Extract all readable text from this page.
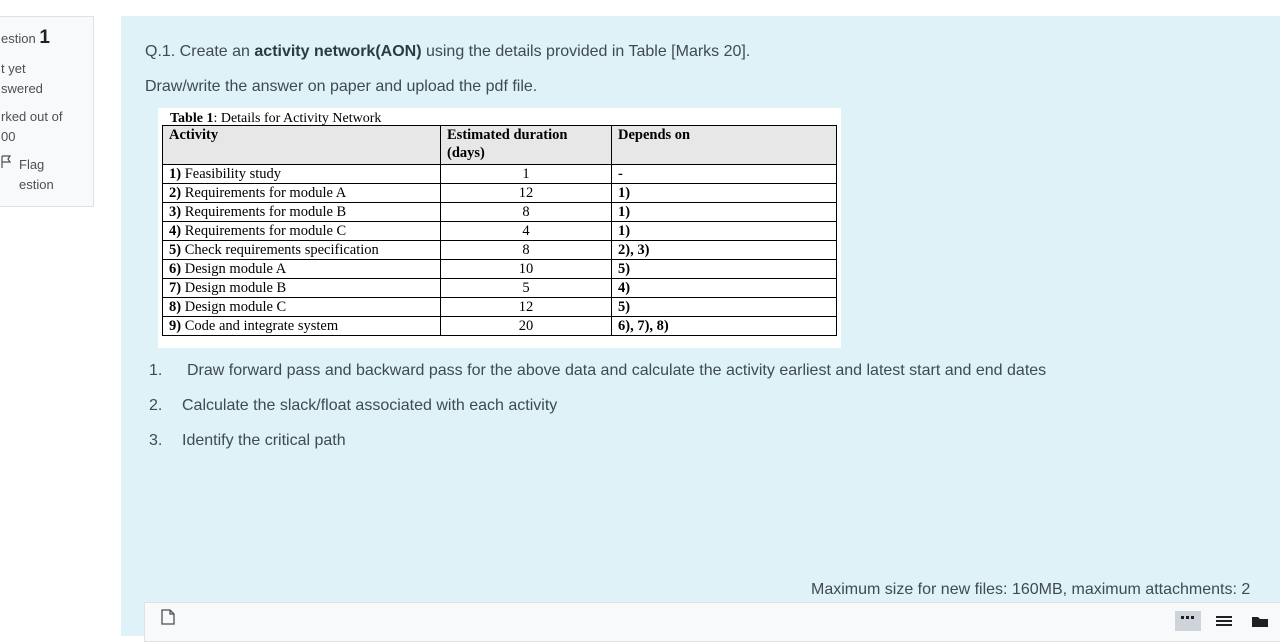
estion 1
t yet
swered
rked out of
00
Flag
estion
Q.1. Create an activity network(AON) using the details provided in Table [Marks 20].
Draw/write the answer on paper and upload the pdf file.
Table 1: Details for Activity Network
Activity	Estimated duration (days)	Depends on
1) Feasibility study	1	-
2) Requirements for module A	12	1)
3) Requirements for module B	8	1)
4) Requirements for module C	4	1)
5) Check requirements specification	8	2), 3)
6) Design module A	10	5)
7) Design module B	5	4)
8) Design module C	12	5)
9) Code and integrate system	20	6), 7), 8)
1. Draw forward pass and backward pass for the above data and calculate the activity earliest and latest start and end dates
2. Calculate the slack/float associated with each activity
3. Identify the critical path
Maximum size for new files: 160MB, maximum attachments: 2
